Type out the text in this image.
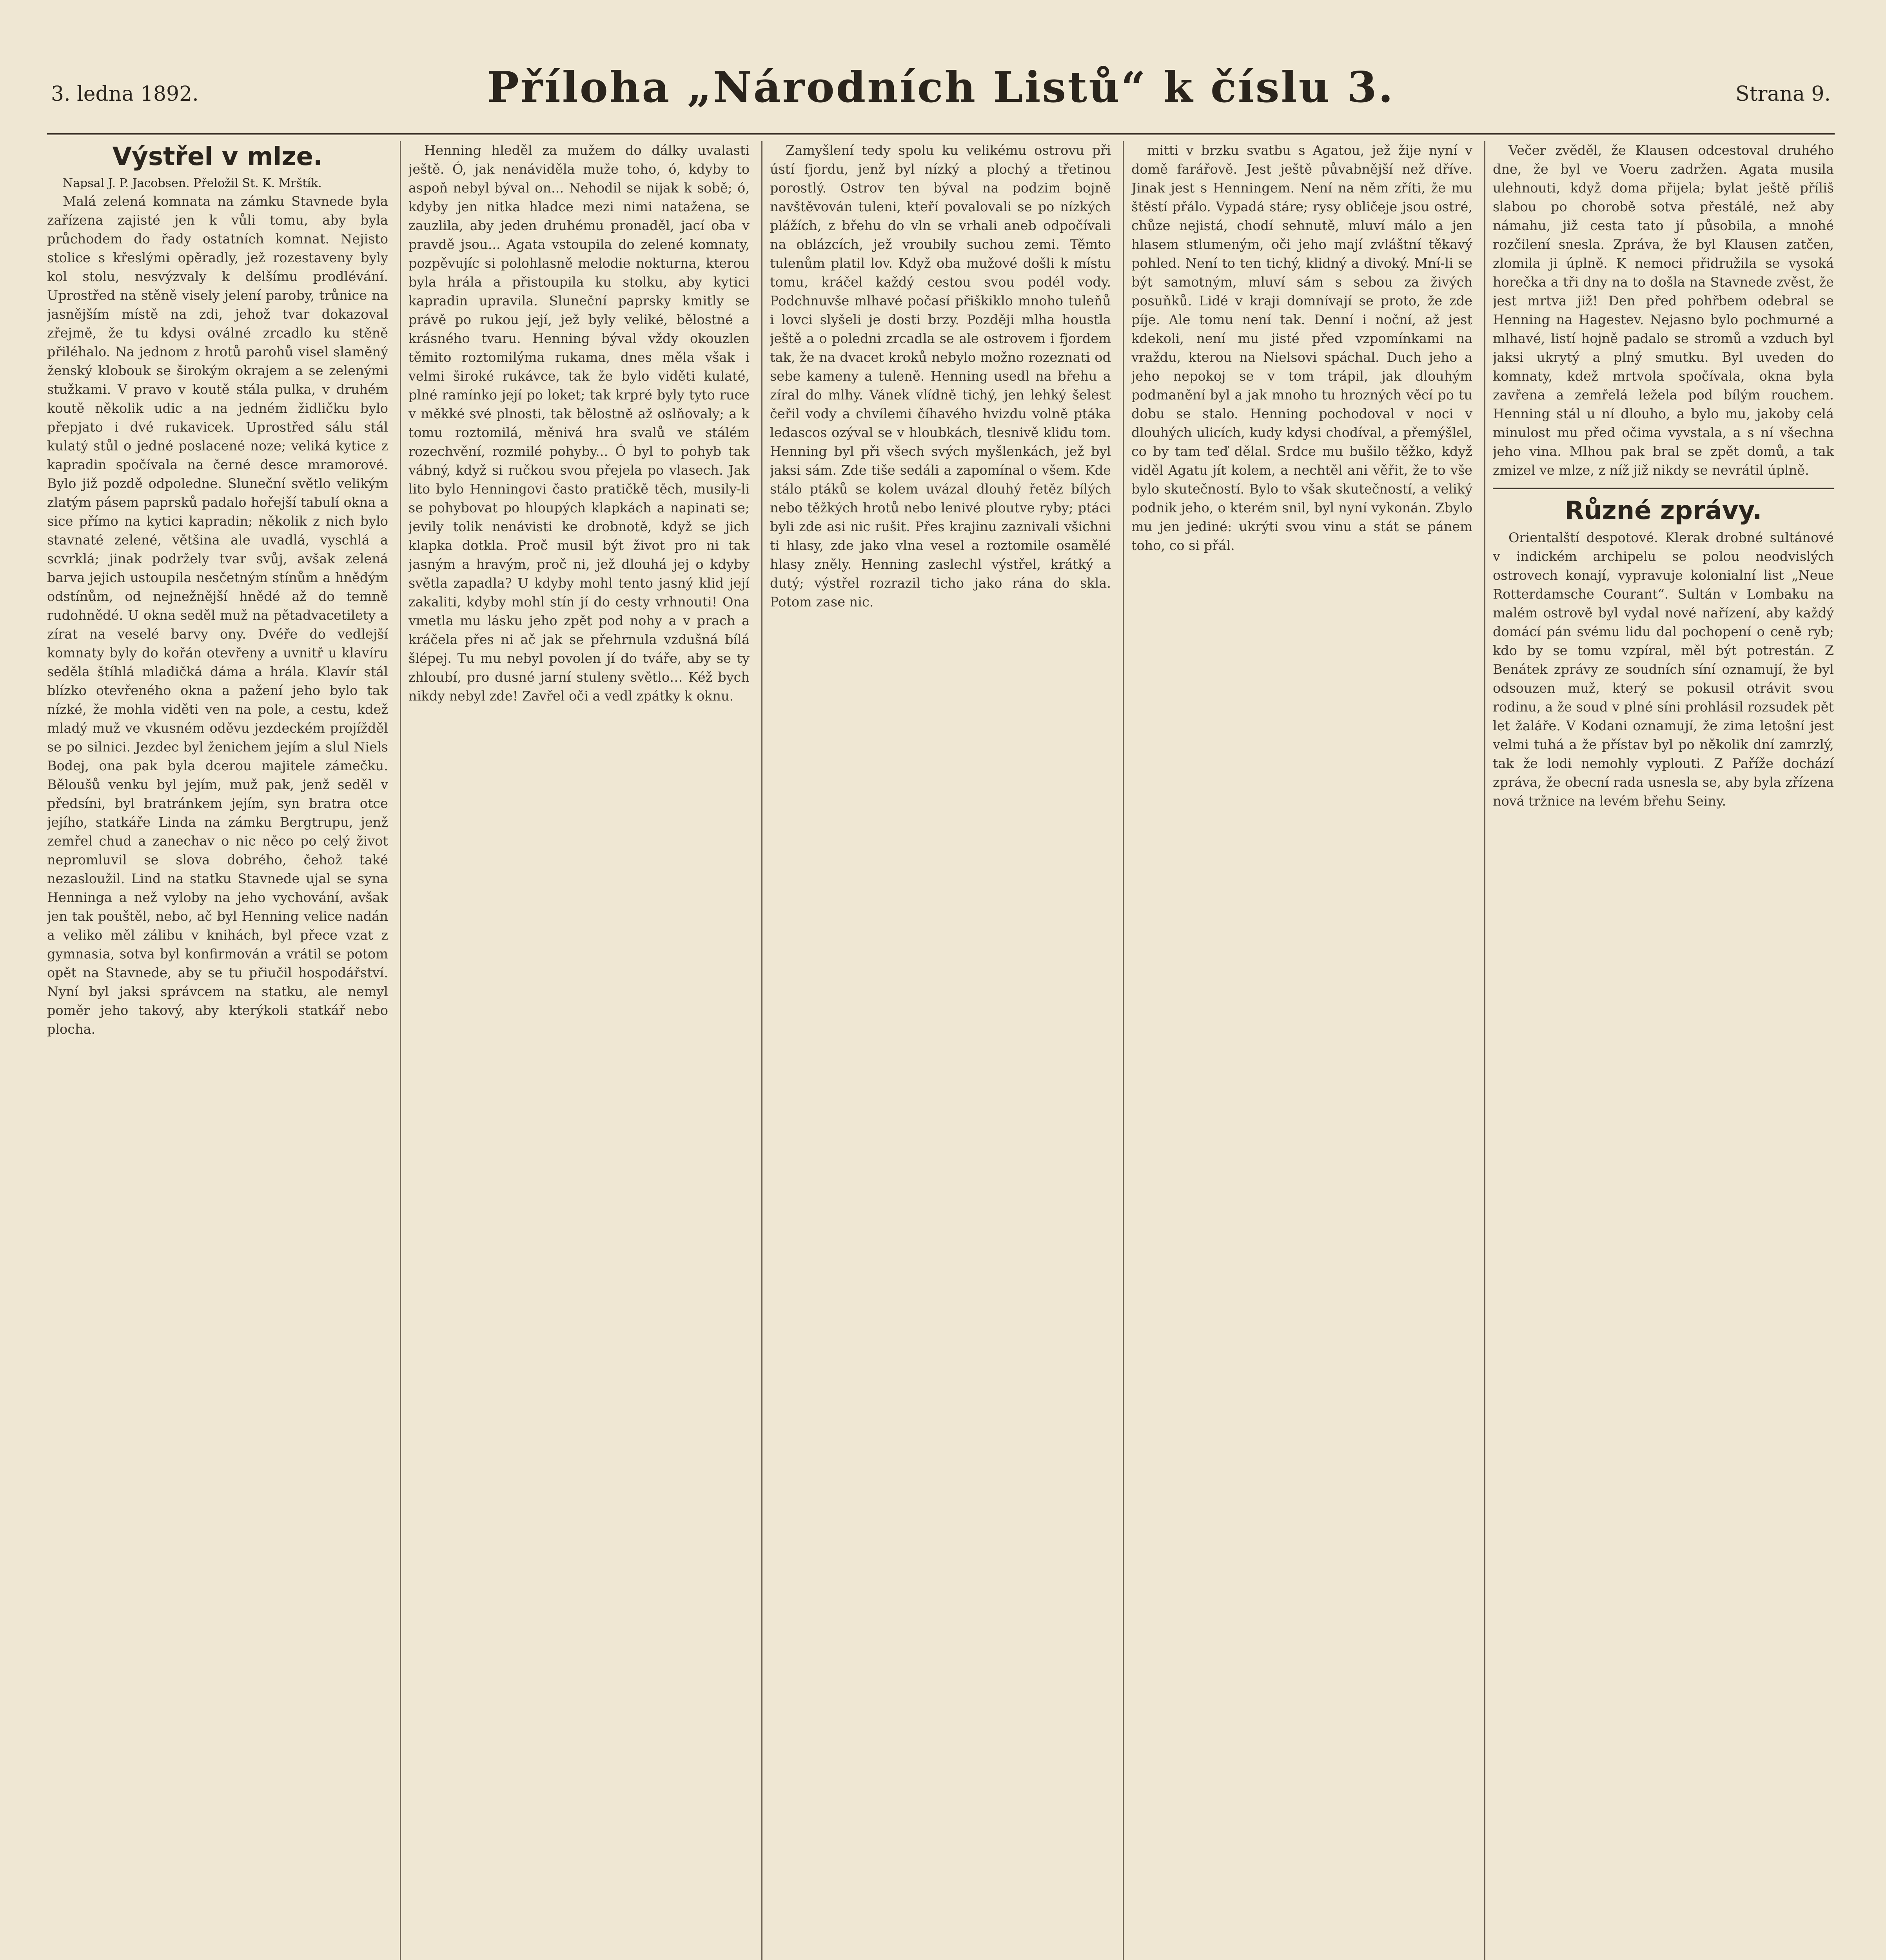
3. ledna 1892.	Příloha „Národních Listů“ k číslu 3.	Strana 9.
Výstřel v mlze.

Napsal J. P. Jacobsen. Přeložil St. K. Mrštík.

Malá zelená komnata na zámku Stavnede byla zařízena zajisté jen k vůli tomu, aby byla průchodem do řady ostatních komnat. Nejisto stolice s křeslými opěradly, jež rozestaveny byly kol stolu, nesvýzvaly k delšímu prodlévání. Uprostřed na stěně visely jelení paroby, trůnice na jasnějším místě na zdi, jehož tvar dokazoval zřejmě, že tu kdysi oválné zrcadlo ku stěně přiléhalo. Na jednom z hrotů parohů visel slaměný ženský klobouk se širokým okrajem a se zelenými stužkami. V pravo v koutě stála pulka, v druhém koutě několik udic a na jedném židličku bylo přepjato i dvé rukavicek. Uprostřed sálu stál kulatý stůl o jedné poslacené noze; veliká kytice z kapradin spočívala na černé desce mramorové. Bylo již pozdě odpoledne. Sluneční světlo velikým zlatým pásem paprsků padalo hořejší tabulí okna a sice přímo na kytici kapradin; několik z nich bylo stavnaté zelené, většina ale uvadlá, vyschlá a scvrklá; jinak podržely tvar svůj, avšak zelená barva jejich ustoupila nesčetným stínům a hnědým odstínům, od nejnežnější hnědé až do temně rudohnědé. U okna seděl muž na pětadvacetilety a zírat na veselé barvy ony. Dvéře do vedlejší komnaty byly do kořán otevřeny a uvnitř u klavíru seděla štíhlá mladičká dáma a hrála. Klavír stál blízko otevřeného okna a pažení jeho bylo tak nízké, že mohla viděti ven na pole, a cestu, kdež mladý muž ve vkusném oděvu jezdeckém projížděl se po silnici. Jezdec byl ženichem jejím a slul Niels Bodej, ona pak byla dcerou majitele zámečku. Běloušů venku byl jejím, muž pak, jenž seděl v předsíni, byl bratránkem jejím, syn bratra otce jejího, statkáře Linda na zámku Bergtrupu, jenž zemřel chud a zanechav o nic něco po celý život nepromluvil se slova dobrého, čehož také nezasloužil. Lind na statku Stavnede ujal se syna Henninga a než vyloby na jeho vychování, avšak jen tak pouštěl, nebo, ač byl Henning velice nadán a veliko měl zálibu v knihách, byl přece vzat z gymnasia, sotva byl konfirmován a vrátil se potom opět na Stavnede, aby se tu přiučil hospodářství. Nyní byl jaksi správcem na statku, ale nemyl poměr jeho takový, aby kterýkoli statkář nebo plocha.

Henning hleděl za mužem do dálky uvalasti ještě. Ó, jak nenáviděla muže toho, ó, kdyby to aspoň nebyl býval on... Nehodil se nijak k sobě; ó, kdyby jen nitka hladce mezi nimi natažena, se zauzlila, aby jeden druhému pronaděl, jací oba v pravdě jsou... Agata vstoupila do zelené komnaty, pozpěvujíc si polohlasně melodie nokturna, kterou byla hrála a přistoupila ku stolku, aby kytici kapradin upravila. Sluneční paprsky kmitly se právě po rukou její, jež byly veliké, bělostné a krásného tvaru. Henning býval vždy okouzlen těmito roztomilýma rukama, dnes měla však i velmi široké rukávce, tak že bylo viděti kulaté, plné ramínko její po loket; tak krpré byly tyto ruce v měkké své plnosti, tak bělostně až oslňovaly; a k tomu roztomilá, měnivá hra svalů ve stálém rozechvění, rozmilé pohyby... Ó byl to pohyb tak vábný, když si ručkou svou přejela po vlasech. Jak lito bylo Henningovi často pratičkě těch, musily-li se pohybovat po hloupých klapkách a napinati se; jevily tolik nenávisti ke drobnotě, když se jich klapka dotkla. Proč musil být život pro ni tak jasným a hravým, proč ni, jež dlouhá jej o kdyby světla zapadla? U kdyby mohl tento jasný klid její zakaliti, kdyby mohl stín jí do cesty vrhnouti! Ona vmetla mu lásku jeho zpět pod nohy a v prach a kráčela přes ni ač jak se přehrnula vzdušná bílá šlépej. Tu mu nebyl povolen jí do tváře, aby se ty zhloubí, pro dusné jarní stuleny světlo… Kéž bych nikdy nebyl zde! Zavřel oči a vedl zpátky k oknu.

Zamyšlení tedy spolu ku velikému ostrovu při ústí fjordu, jenž byl nízký a plochý a třetinou porostlý. Ostrov ten býval na podzim bojně navštěvován tuleni, kteří povalovali se po nízkých plážích, z břehu do vln se vrhali aneb odpočívali na oblázcích, jež vroubily suchou zemi. Těmto tulenům platil lov. Když oba mužové došli k místu tomu, kráčel každý cestou svou podél vody. Podchnuvše mlhavé počasí přiškiklo mnoho tuleňů i lovci slyšeli je dosti brzy. Později mlha houstla ještě a o poledni zrcadla se ale ostrovem i fjordem tak, že na dvacet kroků nebylo možno rozeznati od sebe kameny a tuleně. Henning usedl na břehu a zíral do mlhy. Vánek vlídně tichý, jen lehký šelest čeřil vody a chvílemi číhavého hvizdu volně ptáka ledascos ozýval se v hloubkách, tlesnivě klidu tom. Henning byl při všech svých myšlenkách, jež byl jaksi sám. Zde tiše sedáli a zapomínal o všem. Kde stálo ptáků se kolem uvázal dlouhý řetěz bílých nebo těžkých hrotů nebo lenivé ploutve ryby; ptáci byli zde asi nic rušit. Přes krajinu zaznivali všichni ti hlasy, zde jako vlna vesel a roztomile osamělé hlasy zněly. Henning zaslechl výstřel, krátký a dutý; výstřel rozrazil ticho jako rána do skla. Potom zase nic.

mitti v brzku svatbu s Agatou, jež žije nyní v domě farářově. Jest ještě půvabnější než dříve. Jinak jest s Henningem. Není na něm zříti, že mu štěstí přálo. Vypadá stáre; rysy obličeje jsou ostré, chůze nejistá, chodí sehnutě, mluví málo a jen hlasem stlumeným, oči jeho mají zvláštní těkavý pohled. Není to ten tichý, klidný a divoký. Mní-li se být samotným, mluví sám s sebou za živých posuňků. Lidé v kraji domnívají se proto, že zde píje. Ale tomu není tak. Denní i noční, až jest kdekoli, není mu jisté před vzpomínkami na vraždu, kterou na Nielsovi spáchal. Duch jeho a jeho nepokoj se v tom trápil, jak dlouhým podmanění byl a jak mnoho tu hrozných věcí po tu dobu se stalo. Henning pochodoval v noci v dlouhých ulicích, kudy kdysi chodíval, a přemýšlel, co by tam teď dělal. Srdce mu bušilo těžko, když viděl Agatu jít kolem, a nechtěl ani věřit, že to vše bylo skutečností. Bylo to však skutečností, a veliký podnik jeho, o kterém snil, byl nyní vykonán. Zbylo mu jen jediné: ukrýti svou vinu a stát se pánem toho, co si přál.

Večer zvěděl, že Klausen odcestoval druhého dne, že byl ve Voeru zadržen. Agata musila ulehnouti, když doma přijela; bylat ještě příliš slabou po chorobě sotva přestálé, než aby námahu, již cesta tato jí působila, a mnohé rozčilení snesla. Zpráva, že byl Klausen zatčen, zlomila ji úplně. K nemoci přidružila se vysoká horečka a tři dny na to došla na Stavnede zvěst, že jest mrtva již! Den před pohřbem odebral se Henning na Hagestev. Nejasno bylo pochmurné a mlhavé, listí hojně padalo se stromů a vzduch byl jaksi ukrytý a plný smutku. Byl uveden do komnaty, kdež mrtvola spočívala, okna byla zavřena a zemřelá ležela pod bílým rouchem. Henning stál u ní dlouho, a bylo mu, jakoby celá minulost mu před očima vyvstala, a s ní všechna jeho vina. Mlhou pak bral se zpět domů, a tak zmizel ve mlze, z níž již nikdy se nevrátil úplně.

Různé zprávy.

Orientalští despotové. Klerak drobné sultánové v indickém archipelu se polou neodvislých ostrovech konají, vypravuje kolonialní list „Neue Rotterdamsche Courant“. Sultán v Lombaku na malém ostrově byl vydal nové nařízení, aby každý domácí pán svému lidu dal pochopení o ceně ryb; kdo by se tomu vzpíral, měl být potrestán. Z Benátek zprávy ze soudních síní oznamují, že byl odsouzen muž, který se pokusil otrávit svou rodinu, a že soud v plné síni prohlásil rozsudek pět let žaláře. V Kodani oznamují, že zima letošní jest velmi tuhá a že přístav byl po několik dní zamrzlý, tak že lodi nemohly vyplouti. Z Paříže dochází zpráva, že obecní rada usnesla se, aby byla zřízena nová tržnice na levém břehu Seiny.
